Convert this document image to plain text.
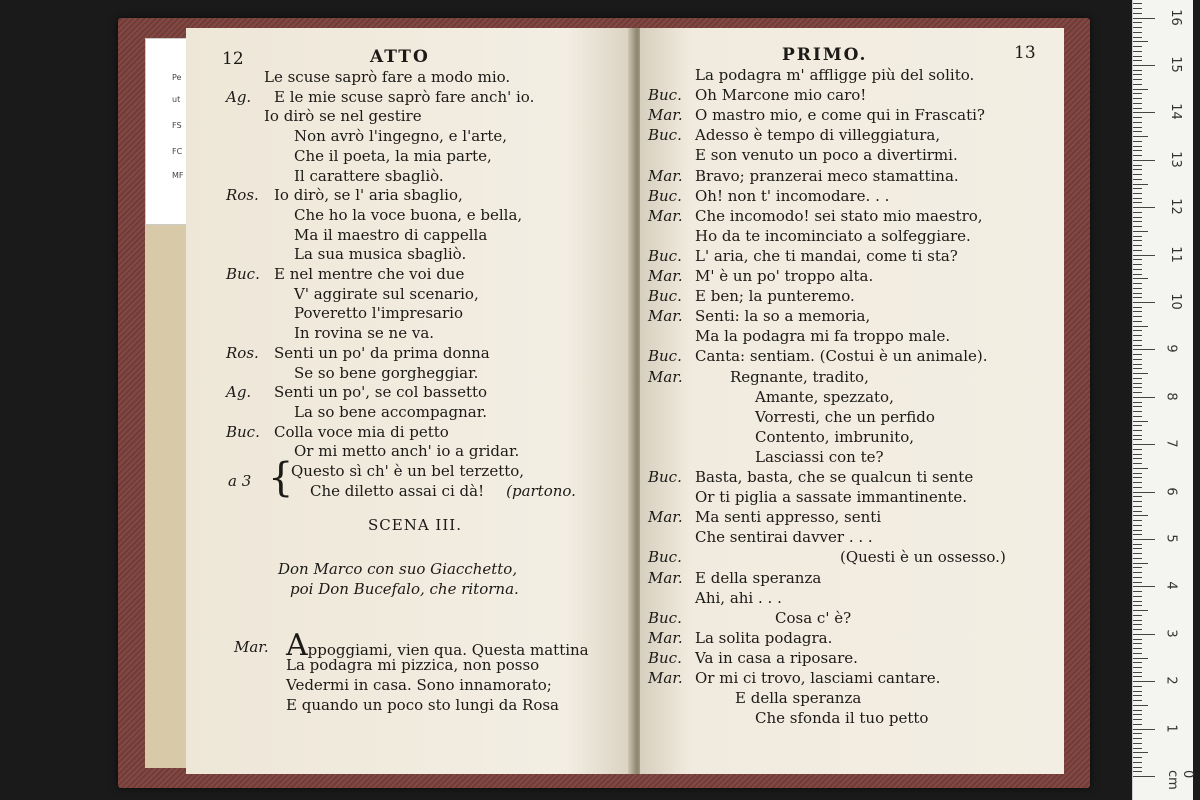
Pe
ut
FS
FC
MF
12	ATTO
Le scuse saprò fare a modo mio.
Ag. E le mie scuse saprò fare anch' io.
Io dirò se nel gestire
Non avrò l'ingegno, e l'arte,
Che il poeta, la mia parte,
Il carattere sbagliò.
Ros. Io dirò, se l' aria sbaglio,
Che ho la voce buona, e bella,
Ma il maestro di cappella
La sua musica sbagliò.
Buc. E nel mentre che voi due
V' aggirate sul scenario,
Poveretto l'impresario
In rovina se ne va.
Ros. Senti un po' da prima donna
Se so bene gorgheggiar.
Ag. Senti un po', se col bassetto
La so bene accompagnar.
Buc. Colla voce mia di petto
Or mi metto anch' io a gridar.
a 3 {
Questo sì ch' è un bel terzetto,
Che diletto assai ci dà! (partono.
SCENA III.
Don Marco con suo Giacchetto,
poi Don Bucefalo, che ritorna.
Mar. Appoggiami, vien qua. Questa mattina
La podagra mi pizzica, non posso
Vedermi in casa. Sono innamorato;
E quando un poco sto lungi da Rosa
PRIMO.	13
La podagra m' affligge più del solito.
Buc. Oh Marcone mio caro!
Mar. O mastro mio, e come qui in Frascati?
Buc. Adesso è tempo di villeggiatura,
E son venuto un poco a divertirmi.
Mar. Bravo; pranzerai meco stamattina.
Buc. Oh! non t' incomodare. . .
Mar. Che incomodo! sei stato mio maestro,
Ho da te incominciato a solfeggiare.
Buc. L' aria, che ti mandai, come ti sta?
Mar. M' è un po' troppo alta.
Buc. E ben; la punteremo.
Mar. Senti: la so a memoria,
Ma la podagra mi fa troppo male.
Buc. Canta: sentiam. (Costui è un animale).
Mar.	Regnante, tradito,
Amante, spezzato,
Vorresti, che un perfido
Contento, imbrunito,
Lasciassi con te?
Buc. Basta, basta, che se qualcun ti sente
Or ti piglia a sassate immantinente.
Mar. Ma senti appresso, senti
Che sentirai davver . . .
Buc.	(Questi è un ossesso.)
Mar. E della speranza
Ahi, ahi . . .
Buc.	Cosa c' è?
Mar. La solita podagra.
Buc. Va in casa a riposare.
Mar. Or mi ci trovo, lasciami cantare.
E della speranza
Che sfonda il tuo petto
0 cm
1
2
3
4
5
6
7
8
9
10
11
12
13
14
15
16
